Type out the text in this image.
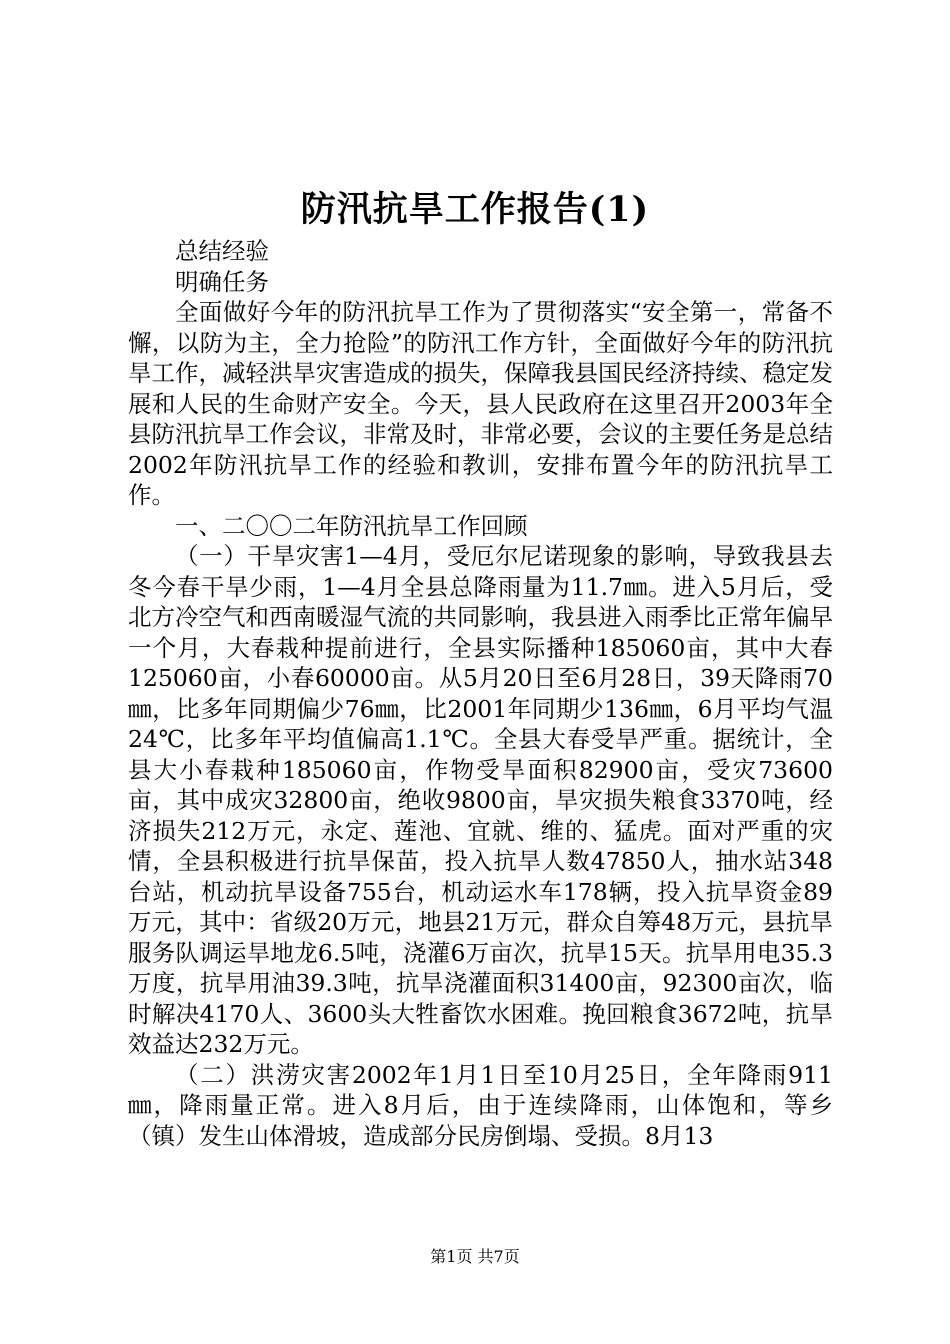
防汛抗旱工作报告(1)

总结经验

明确任务

全面做好今年的防汛抗旱工作为了贯彻落实“安全第一，常备不懈，以防为主，全力抢险”的防汛工作方针，全面做好今年的防汛抗旱工作，减轻洪旱灾害造成的损失，保障我县国民经济持续、稳定发展和人民的生命财产安全。今天，县人民政府在这里召开2003年全县防汛抗旱工作会议，非常及时，非常必要，会议的主要任务是总结2002年防汛抗旱工作的经验和教训，安排布置今年的防汛抗旱工作。

一、二〇〇二年防汛抗旱工作回顾

（一）干旱灾害1—4月，受厄尔尼诺现象的影响，导致我县去冬今春干旱少雨，1—4月全县总降雨量为11.7㎜。进入5月后，受北方冷空气和西南暖湿气流的共同影响，我县进入雨季比正常年偏早一个月，大春栽种提前进行，全县实际播种185060亩，其中大春125060亩，小春60000亩。从5月20日至6月28日，39天降雨70㎜，比多年同期偏少76㎜，比2001年同期少136㎜，6月平均气温24℃，比多年平均值偏高1.1℃。全县大春受旱严重。据统计，全县大小春栽种185060亩，作物受旱面积82900亩，受灾73600亩，其中成灾32800亩，绝收9800亩，旱灾损失粮食3370吨，经济损失212万元，永定、莲池、宜就、维的、猛虎。面对严重的灾情，全县积极进行抗旱保苗，投入抗旱人数47850人，抽水站348台站，机动抗旱设备755台，机动运水车178辆，投入抗旱资金89万元，其中：省级20万元，地县21万元，群众自筹48万元，县抗旱服务队调运旱地龙6.5吨，浇灌6万亩次，抗旱15天。抗旱用电35.3万度，抗旱用油39.3吨，抗旱浇灌面积31400亩，92300亩次，临时解决4170人、3600头大牲畜饮水困难。挽回粮食3672吨，抗旱效益达232万元。

（二）洪涝灾害2002年1月1日至10月25日，全年降雨911㎜，降雨量正常。进入8月后，由于连续降雨，山体饱和，等乡（镇）发生山体滑坡，造成部分民房倒塌、受损。8月13

第1页 共7页
